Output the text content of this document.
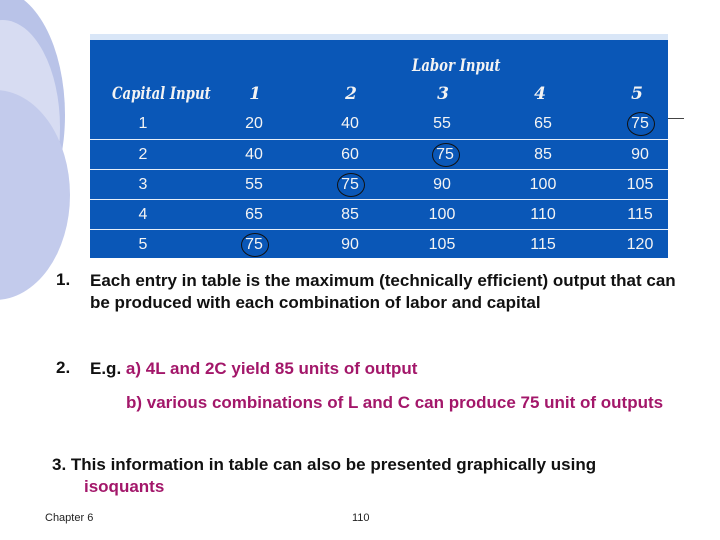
Labor Input
Capital Input	1	2	3	4	5
1	20	40	55	65	75
2	40	60	75	85	90
3	55	75	90	100	105
4	65	85	100	110	115
5	75	90	105	115	120
1. Each entry in table is the maximum (technically efficient) output that can be produced with each combination of labor and capital
2. E.g. a) 4L and 2C yield 85 units of output
b) various combinations of L and C can produce 75 unit of outputs
3. This information in table can also be presented graphically using isoquants
Chapter 6	110
